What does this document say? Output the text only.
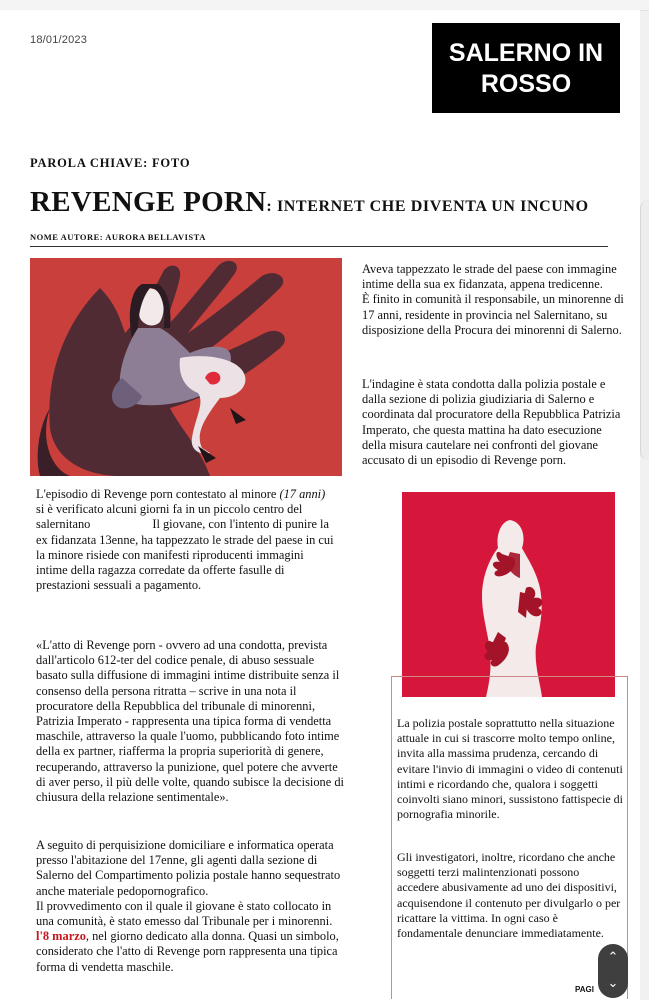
18/01/2023	SALERNO IN
ROSSO
PAROLA CHIAVE: FOTO
REVENGE PORN: INTERNET CHE DIVENTA UN INCUNO
NOME AUTORE: AURORA BELLAVISTA

Aveva tappezzato le strade del paese con immagine intime della sua ex fidanzata, appena tredicenne.

È finito in comunità il responsabile, un minorenne di 17 anni, residente in provincia nel Salernitano, su disposizione della Procura dei minorenni di Salerno.

L'indagine è stata condotta dalla polizia postale e dalla sezione di polizia giudiziaria di Salerno e coordinata dal procuratore della Repubblica Patrizia Imperato, che questa mattina ha dato esecuzione della misura cautelare nei confronti del giovane accusato di un episodio di Revenge porn.

L'episodio di Revenge porn contestato al minore (17 anni) si è verificato alcuni giorni fa in un piccolo centro del salernitano                    Il giovane, con l'intento di punire la ex fidanzata 13enne, ha tappezzato le strade del paese in cui la minore risiede con manifesti riproducenti immagini intime della ragazza corredate da offerte fasulle di prestazioni sessuali a pagamento.

«L'atto di Revenge porn - ovvero ad una condotta, prevista dall'articolo 612-ter del codice penale, di abuso sessuale basato sulla diffusione di immagini intime distribuite senza il consenso della persona ritratta – scrive in una nota il procuratore della Repubblica del tribunale di minorenni, Patrizia Imperato - rappresenta una tipica forma di vendetta maschile, attraverso la quale l'uomo, pubblicando foto intime della ex partner, riafferma la propria superiorità di genere, recuperando, attraverso la punizione, quel potere che avverte di aver perso, il più delle volte, quando subisce la decisione di chiusura della relazione sentimentale».

A seguito di perquisizione domiciliare e informatica operata presso l'abitazione del 17enne, gli agenti dalla sezione di Salerno del Compartimento polizia postale hanno sequestrato anche materiale pedopornografico.

Il provvedimento con il quale il giovane è stato collocato in una comunità, è stato emesso dal Tribunale per i minorenni.

l'8 marzo, nel giorno dedicato alla donna. Quasi un simbolo, considerato che l'atto di Revenge porn rappresenta una tipica forma di vendetta maschile.

La polizia postale soprattutto nella situazione attuale in cui si trascorre molto tempo online, invita alla massima prudenza, cercando di evitare l'invio di immagini o video di contenuti intimi e ricordando che, qualora i soggetti coinvolti siano minori, sussistono fattispecie di pornografia minorile.
Gli investigatori, inoltre, ricordano che anche soggetti terzi malintenzionati possono accedere abusivamente ad uno dei dispositivi, acquisendone il contenuto per divulgarlo o per ricattare la vittima. In ogni caso è fondamentale denunciare immediatamente.
PAGI
⌃
⌄
